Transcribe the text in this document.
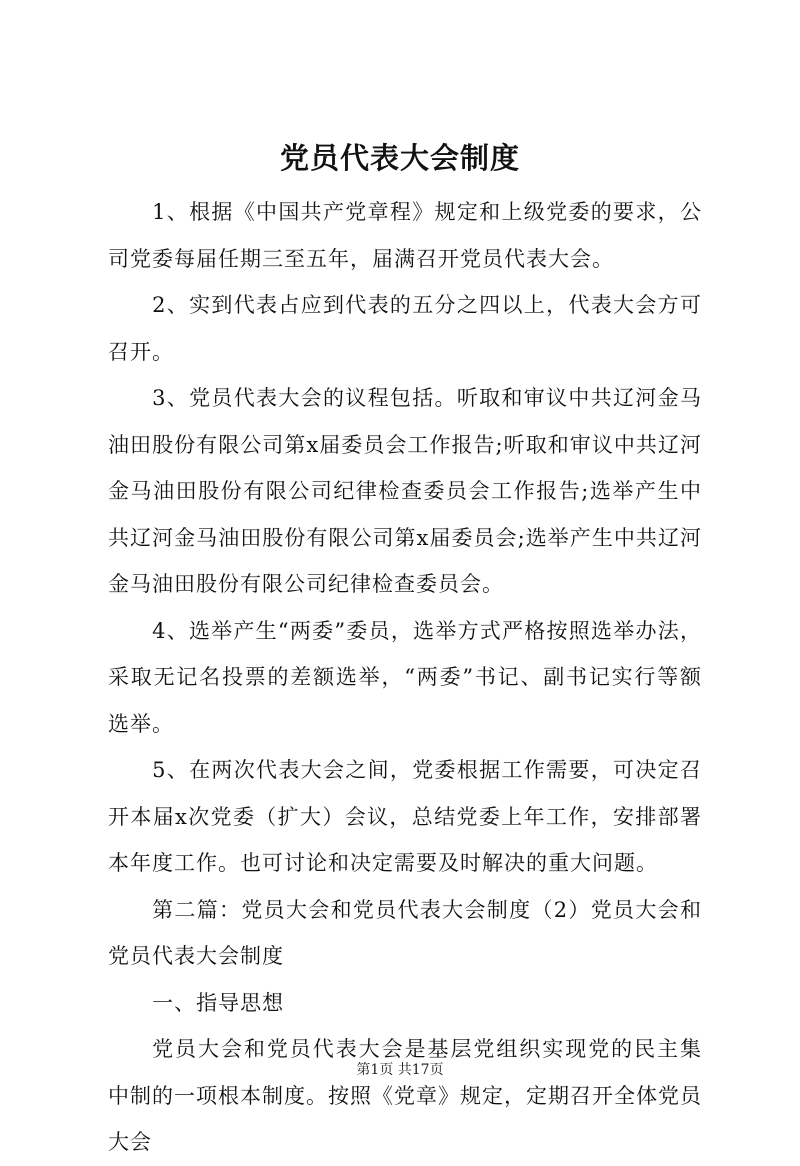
党员代表大会制度

1、根据《中国共产党章程》规定和上级党委的要求，公司党委每届任期三至五年，届满召开党员代表大会。

2、实到代表占应到代表的五分之四以上，代表大会方可召开。

3、党员代表大会的议程包括。听取和审议中共辽河金马油田股份有限公司第x届委员会工作报告;听取和审议中共辽河金马油田股份有限公司纪律检查委员会工作报告;选举产生中共辽河金马油田股份有限公司第x届委员会;选举产生中共辽河金马油田股份有限公司纪律检查委员会。

4、选举产生“两委”委员，选举方式严格按照选举办法，采取无记名投票的差额选举，“两委”书记、副书记实行等额选举。

5、在两次代表大会之间，党委根据工作需要，可决定召开本届x次党委（扩大）会议，总结党委上年工作，安排部署本年度工作。也可讨论和决定需要及时解决的重大问题。

第二篇：党员大会和党员代表大会制度（2）党员大会和党员代表大会制度

一、指导思想

党员大会和党员代表大会是基层党组织实现党的民主集中制的一项根本制度。按照《党章》规定，定期召开全体党员大会

第1页 共17页
